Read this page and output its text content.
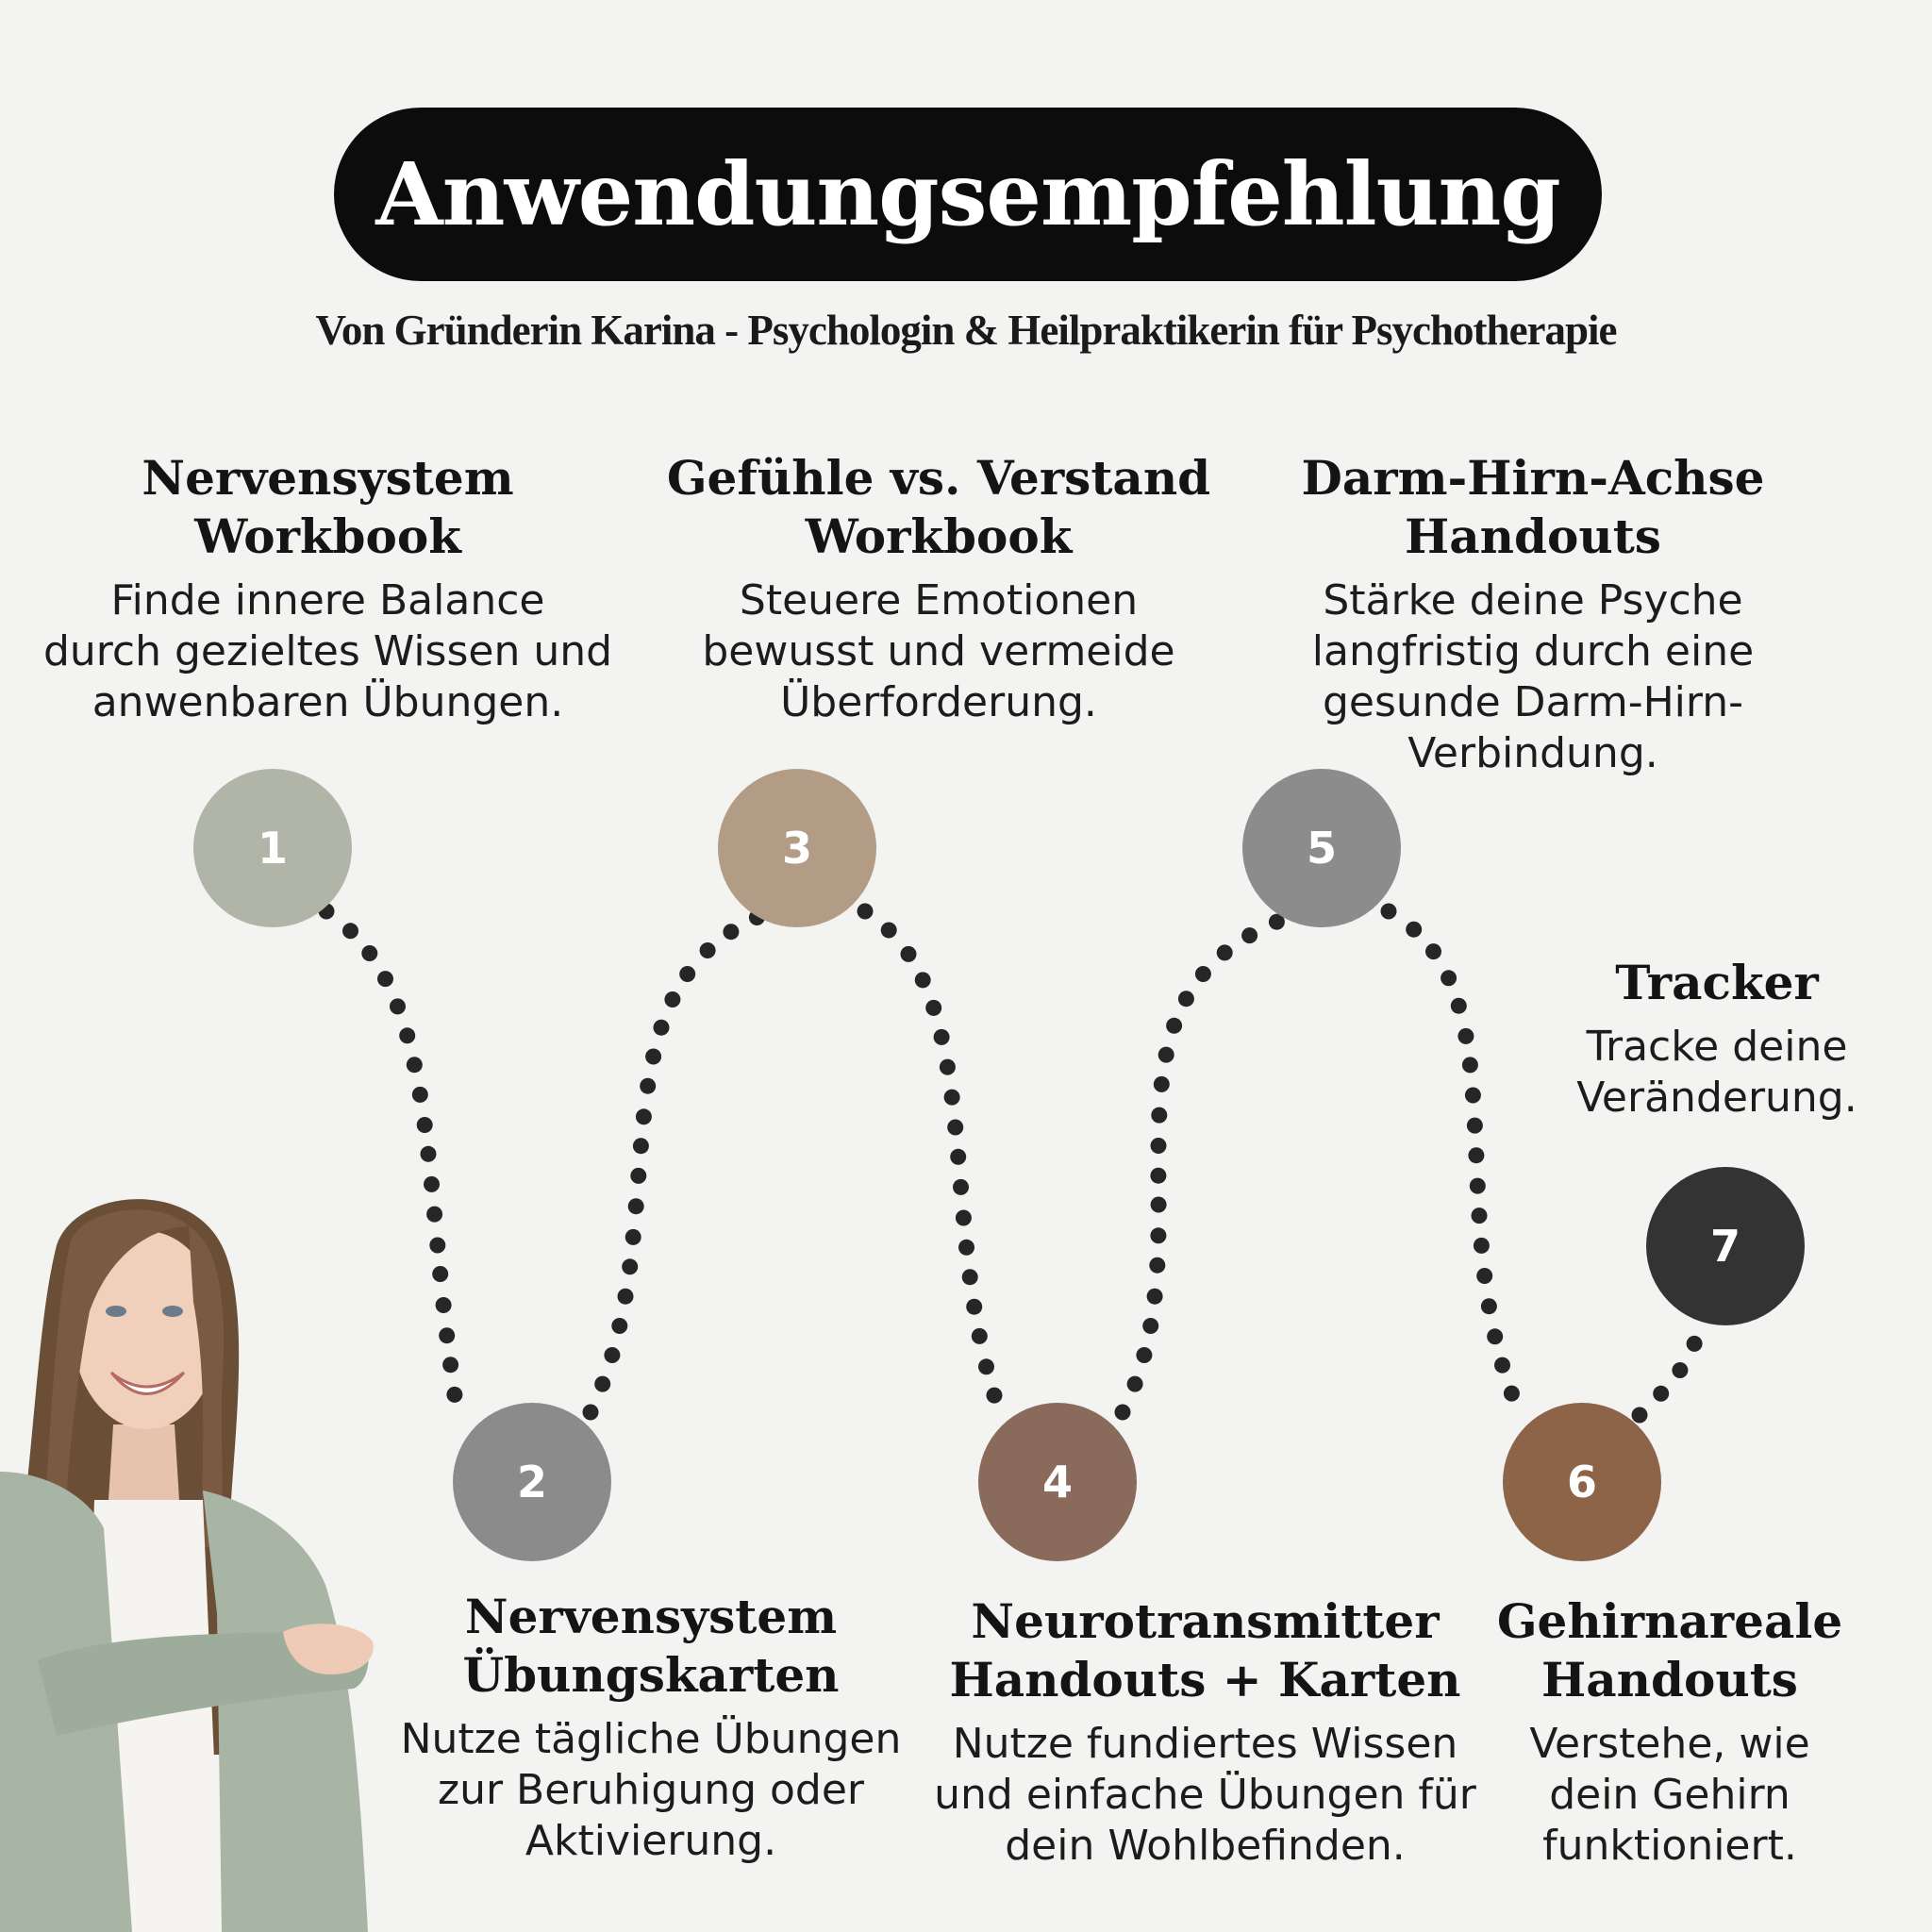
Anwendungsempfehlung
Von Gründerin Karina - Psychologin & Heilpraktikerin für Psychotherapie
1
2
3
4
5
6
7
Nervensystem
Workbook
Finde innere Balance
durch gezieltes Wissen und
anwenbaren Übungen.
Gefühle vs. Verstand
Workbook
Steuere Emotionen
bewusst und vermeide
Überforderung.
Darm-Hirn-Achse
Handouts
Stärke deine Psyche
langfristig durch eine
gesunde Darm-Hirn-
Verbindung.
Tracker
Tracke deine
Veränderung.
Nervensystem
Übungskarten
Nutze tägliche Übungen
zur Beruhigung oder
Aktivierung.
Neurotransmitter
Handouts + Karten
Nutze fundiertes Wissen
und einfache Übungen für
dein Wohlbefinden.
Gehirnareale
Handouts
Verstehe, wie
dein Gehirn
funktioniert.
